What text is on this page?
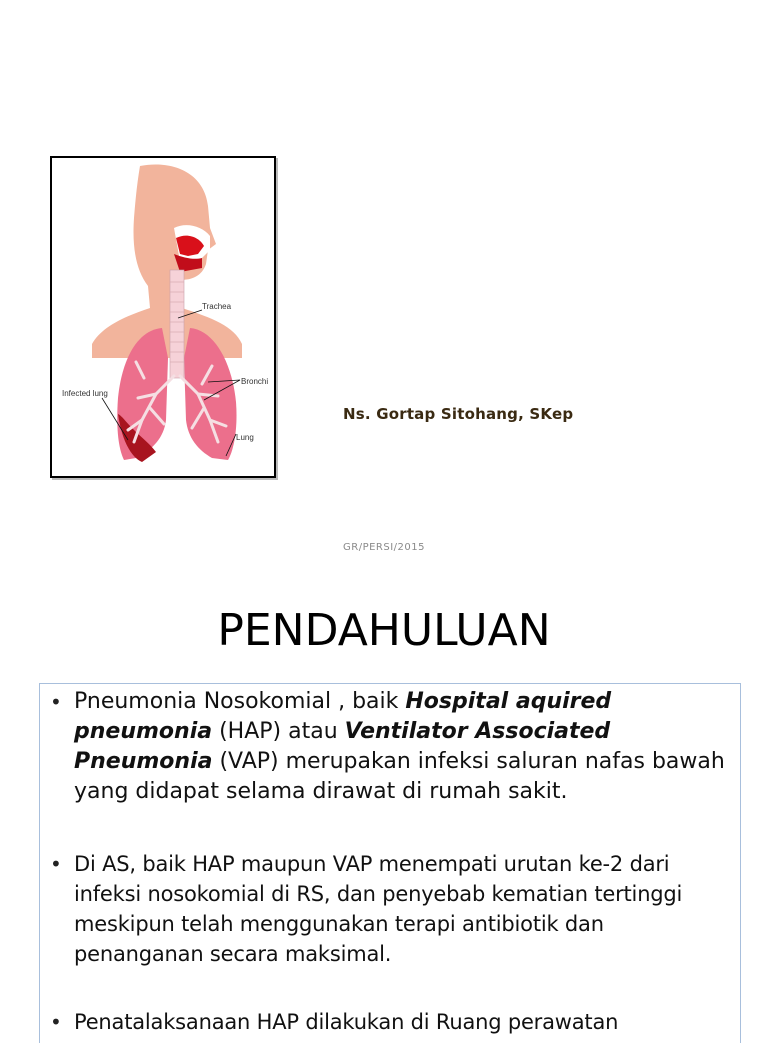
Trachea
Bronchi
Infected lung
Lung
Ns. Gortap Sitohang, SKep
GR/PERSI/2015
PENDAHULUAN
• Pneumonia Nosokomial , baik Hospital aquired pneumonia (HAP) atau Ventilator Associated Pneumonia (VAP) merupakan infeksi saluran nafas bawah yang didapat selama dirawat di rumah sakit.
• Di AS, baik HAP maupun VAP menempati urutan ke-2 dari infeksi nosokomial di RS, dan penyebab kematian tertinggi meskipun telah menggunakan terapi antibiotik dan penanganan secara maksimal.
• Penatalaksanaan HAP dilakukan di Ruang perawatan
